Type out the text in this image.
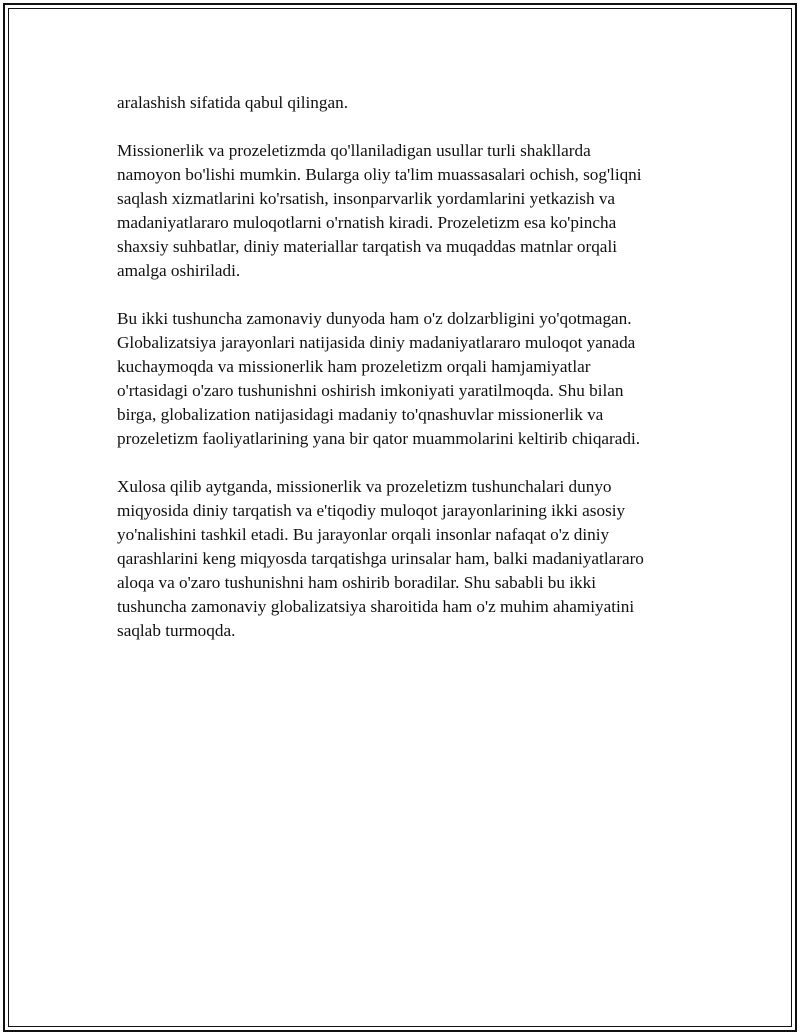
aralashish sifatida qabul qilingan.

Missionerlik va prozeletizmda qo'llaniladigan usullar turli shakllarda
namoyon bo'lishi mumkin. Bularga oliy ta'lim muassasalari ochish, sog'liqni
saqlash xizmatlarini ko'rsatish, insonparvarlik yordamlarini yetkazish va
madaniyatlararo muloqotlarni o'rnatish kiradi. Prozeletizm esa ko'pincha
shaxsiy suhbatlar, diniy materiallar tarqatish va muqaddas matnlar orqali
amalga oshiriladi.

Bu ikki tushuncha zamonaviy dunyoda ham o'z dolzarbligini yo'qotmagan.
Globalizatsiya jarayonlari natijasida diniy madaniyatlararo muloqot yanada
kuchaymoqda va missionerlik ham prozeletizm orqali hamjamiyatlar
o'rtasidagi o'zaro tushunishni oshirish imkoniyati yaratilmoqda. Shu bilan
birga, globalization natijasidagi madaniy to'qnashuvlar missionerlik va
prozeletizm faoliyatlarining yana bir qator muammolarini keltirib chiqaradi.

Xulosa qilib aytganda, missionerlik va prozeletizm tushunchalari dunyo
miqyosida diniy tarqatish va e'tiqodiy muloqot jarayonlarining ikki asosiy
yo'nalishini tashkil etadi. Bu jarayonlar orqali insonlar nafaqat o'z diniy
qarashlarini keng miqyosda tarqatishga urinsalar ham, balki madaniyatlararo
aloqa va o'zaro tushunishni ham oshirib boradilar. Shu sababli bu ikki
tushuncha zamonaviy globalizatsiya sharoitida ham o'z muhim ahamiyatini
saqlab turmoqda.
